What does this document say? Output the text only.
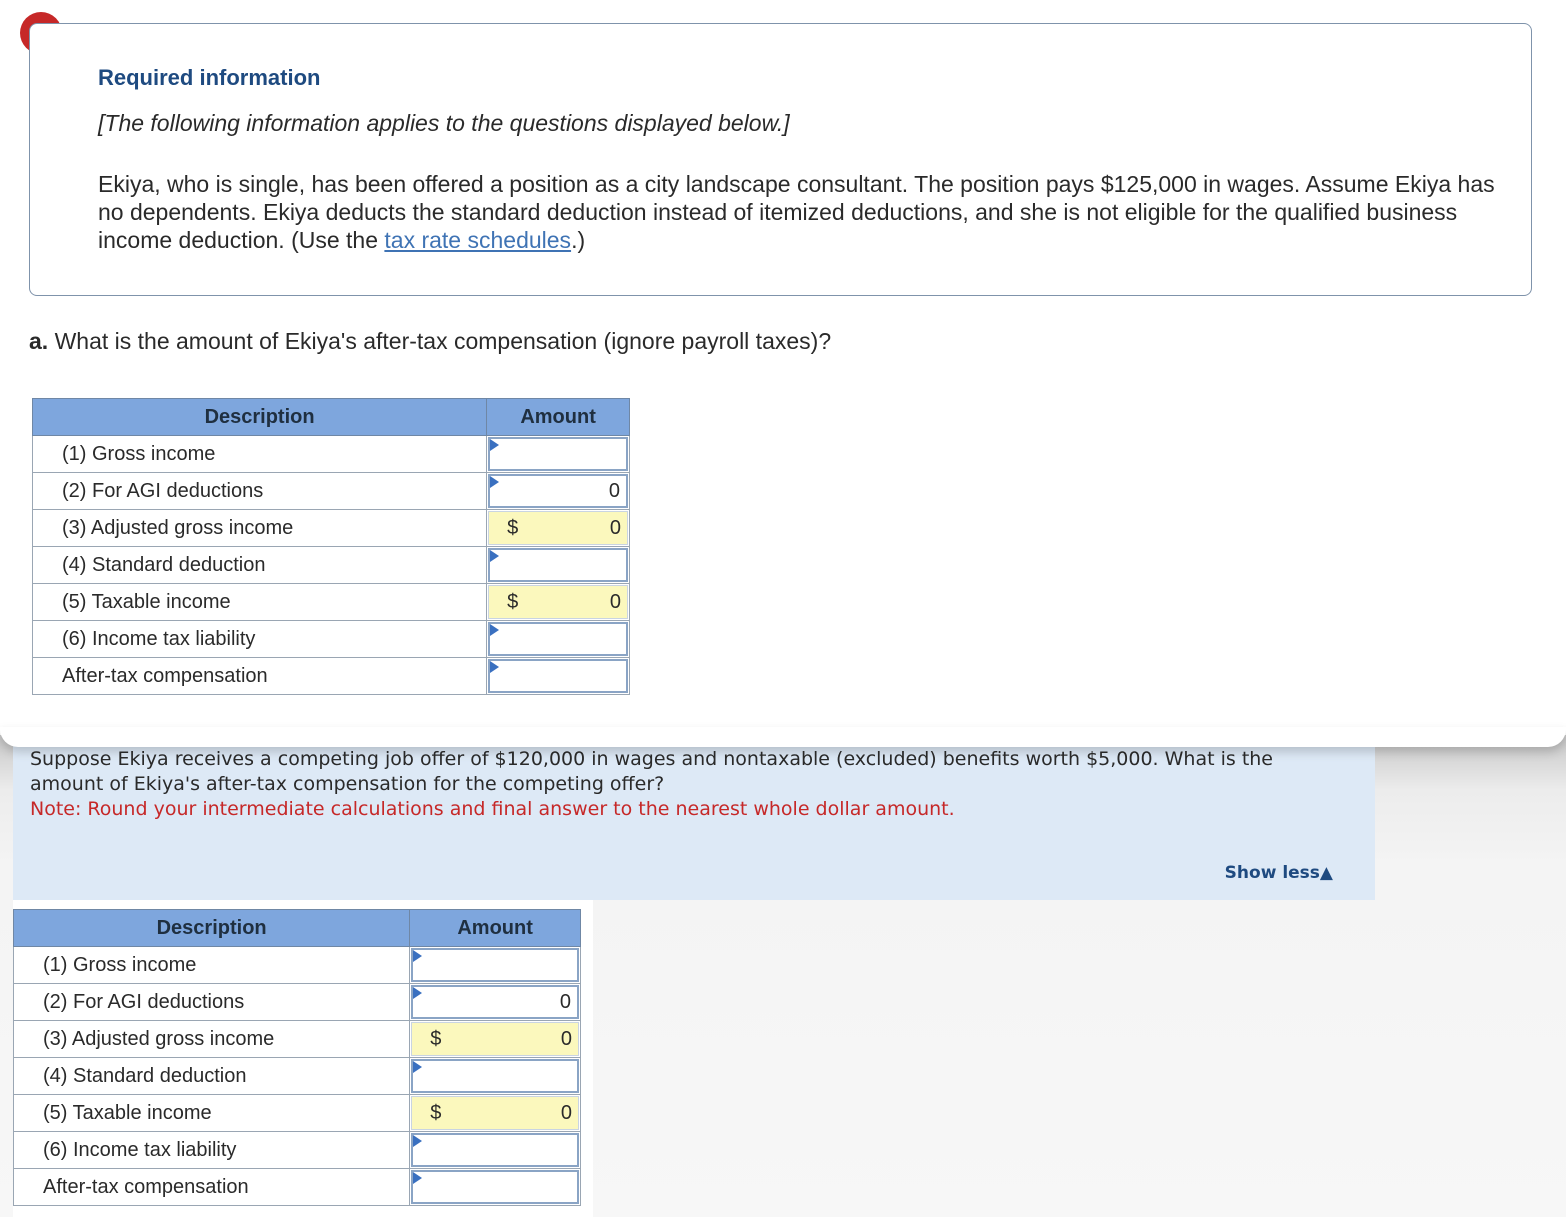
Required information

[The following information applies to the questions displayed below.]

Ekiya, who is single, has been offered a position as a city landscape consultant. The position pays $125,000 in wages. Assume Ekiya has no dependents. Ekiya deducts the standard deduction instead of itemized deductions, and she is not eligible for the qualified business income deduction. (Use the tax rate schedules.)

a. What is the amount of Ekiya's after-tax compensation (ignore payroll taxes)?

Description	Amount
(1) Gross income	

(2) For AGI deductions	0

(3) Adjusted gross income	$ 0

(4) Standard deduction	

(5) Taxable income	$ 0

(6) Income tax liability	

After-tax compensation	

Suppose Ekiya receives a competing job offer of $120,000 in wages and nontaxable (excluded) benefits worth $5,000. What is the amount of Ekiya's after-tax compensation for the competing offer?
Note: Round your intermediate calculations and final answer to the nearest whole dollar amount.

Show less▲
Description	Amount
(1) Gross income	

(2) For AGI deductions	0

(3) Adjusted gross income	$ 0

(4) Standard deduction	

(5) Taxable income	$ 0

(6) Income tax liability	

After-tax compensation	
